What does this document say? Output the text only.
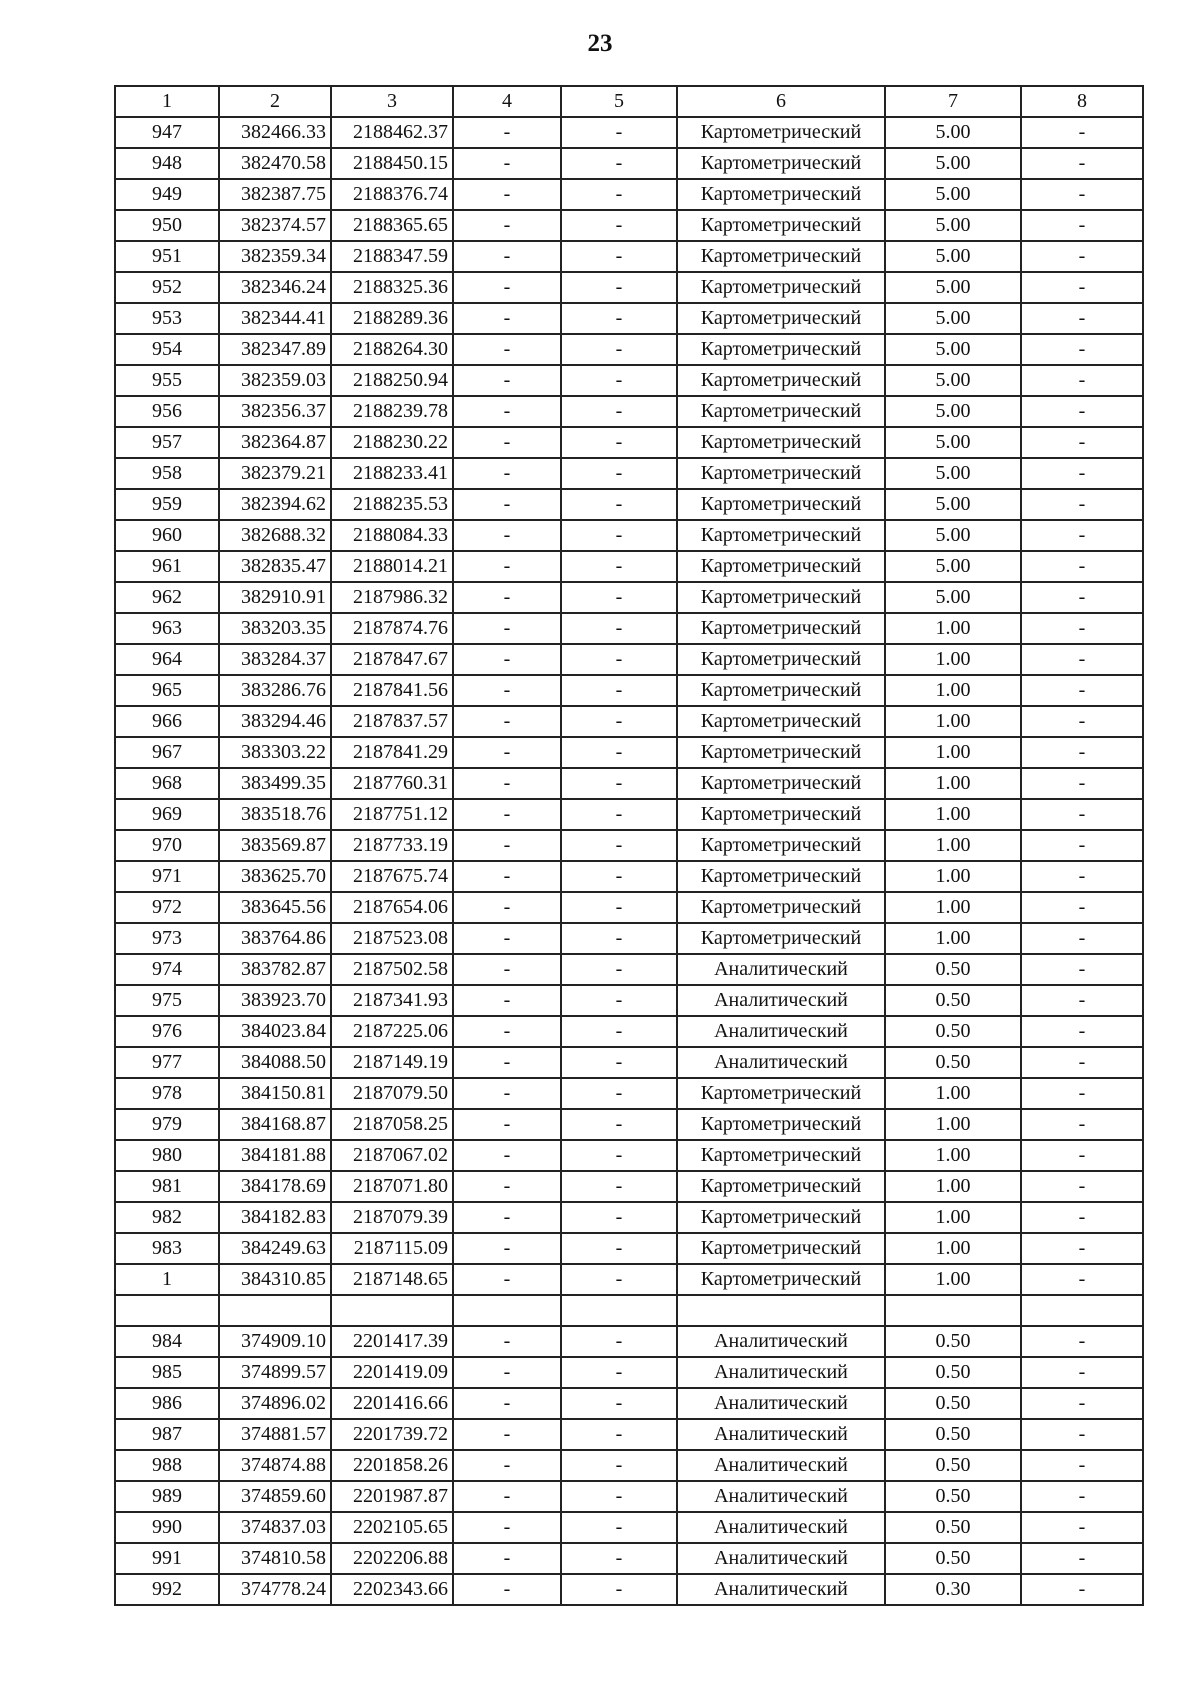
23
1	2	3	4	5	6	7	8
947	382466.33	2188462.37	-	-	Картометрический	5.00	-
948	382470.58	2188450.15	-	-	Картометрический	5.00	-
949	382387.75	2188376.74	-	-	Картометрический	5.00	-
950	382374.57	2188365.65	-	-	Картометрический	5.00	-
951	382359.34	2188347.59	-	-	Картометрический	5.00	-
952	382346.24	2188325.36	-	-	Картометрический	5.00	-
953	382344.41	2188289.36	-	-	Картометрический	5.00	-
954	382347.89	2188264.30	-	-	Картометрический	5.00	-
955	382359.03	2188250.94	-	-	Картометрический	5.00	-
956	382356.37	2188239.78	-	-	Картометрический	5.00	-
957	382364.87	2188230.22	-	-	Картометрический	5.00	-
958	382379.21	2188233.41	-	-	Картометрический	5.00	-
959	382394.62	2188235.53	-	-	Картометрический	5.00	-
960	382688.32	2188084.33	-	-	Картометрический	5.00	-
961	382835.47	2188014.21	-	-	Картометрический	5.00	-
962	382910.91	2187986.32	-	-	Картометрический	5.00	-
963	383203.35	2187874.76	-	-	Картометрический	1.00	-
964	383284.37	2187847.67	-	-	Картометрический	1.00	-
965	383286.76	2187841.56	-	-	Картометрический	1.00	-
966	383294.46	2187837.57	-	-	Картометрический	1.00	-
967	383303.22	2187841.29	-	-	Картометрический	1.00	-
968	383499.35	2187760.31	-	-	Картометрический	1.00	-
969	383518.76	2187751.12	-	-	Картометрический	1.00	-
970	383569.87	2187733.19	-	-	Картометрический	1.00	-
971	383625.70	2187675.74	-	-	Картометрический	1.00	-
972	383645.56	2187654.06	-	-	Картометрический	1.00	-
973	383764.86	2187523.08	-	-	Картометрический	1.00	-
974	383782.87	2187502.58	-	-	Аналитический	0.50	-
975	383923.70	2187341.93	-	-	Аналитический	0.50	-
976	384023.84	2187225.06	-	-	Аналитический	0.50	-
977	384088.50	2187149.19	-	-	Аналитический	0.50	-
978	384150.81	2187079.50	-	-	Картометрический	1.00	-
979	384168.87	2187058.25	-	-	Картометрический	1.00	-
980	384181.88	2187067.02	-	-	Картометрический	1.00	-
981	384178.69	2187071.80	-	-	Картометрический	1.00	-
982	384182.83	2187079.39	-	-	Картометрический	1.00	-
983	384249.63	2187115.09	-	-	Картометрический	1.00	-
1	384310.85	2187148.65	-	-	Картометрический	1.00	-

984	374909.10	2201417.39	-	-	Аналитический	0.50	-
985	374899.57	2201419.09	-	-	Аналитический	0.50	-
986	374896.02	2201416.66	-	-	Аналитический	0.50	-
987	374881.57	2201739.72	-	-	Аналитический	0.50	-
988	374874.88	2201858.26	-	-	Аналитический	0.50	-
989	374859.60	2201987.87	-	-	Аналитический	0.50	-
990	374837.03	2202105.65	-	-	Аналитический	0.50	-
991	374810.58	2202206.88	-	-	Аналитический	0.50	-
992	374778.24	2202343.66	-	-	Аналитический	0.30	-
